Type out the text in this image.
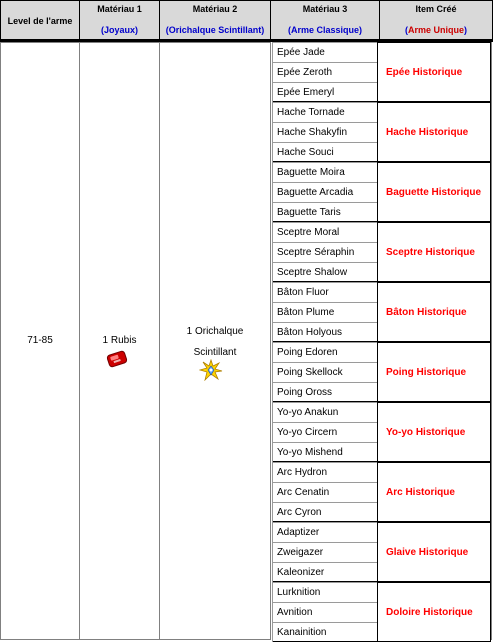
Level de l'arme
Matériau 1
(Joyaux)
Matériau 2
(Orichalque Scintillant)
Matériau 3
(Arme Classique)
Item Créé
(Arme Unique)
71-85	1 Rubis
1 Orichalque
Scintillant
Epée Jade
Epée Zeroth
Epée Emeryl
Epée Historique
Hache Tornade
Hache Shakyfin
Hache Souci
Hache Historique
Baguette Moira
Baguette Arcadia
Baguette Taris
Baguette Historique
Sceptre Moral
Sceptre Séraphin
Sceptre Shalow
Sceptre Historique
Bâton Fluor
Bâton Plume
Bâton Holyous
Bâton Historique
Poing Edoren
Poing Skellock
Poing Oross
Poing Historique
Yo-yo Anakun
Yo-yo Circern
Yo-yo Mishend
Yo-yo Historique
Arc Hydron
Arc Cenatin
Arc Cyron
Arc Historique
Adaptizer
Zweigazer
Kaleonizer
Glaive Historique
Lurknition
Avnition
Kanainition
Doloire Historique
